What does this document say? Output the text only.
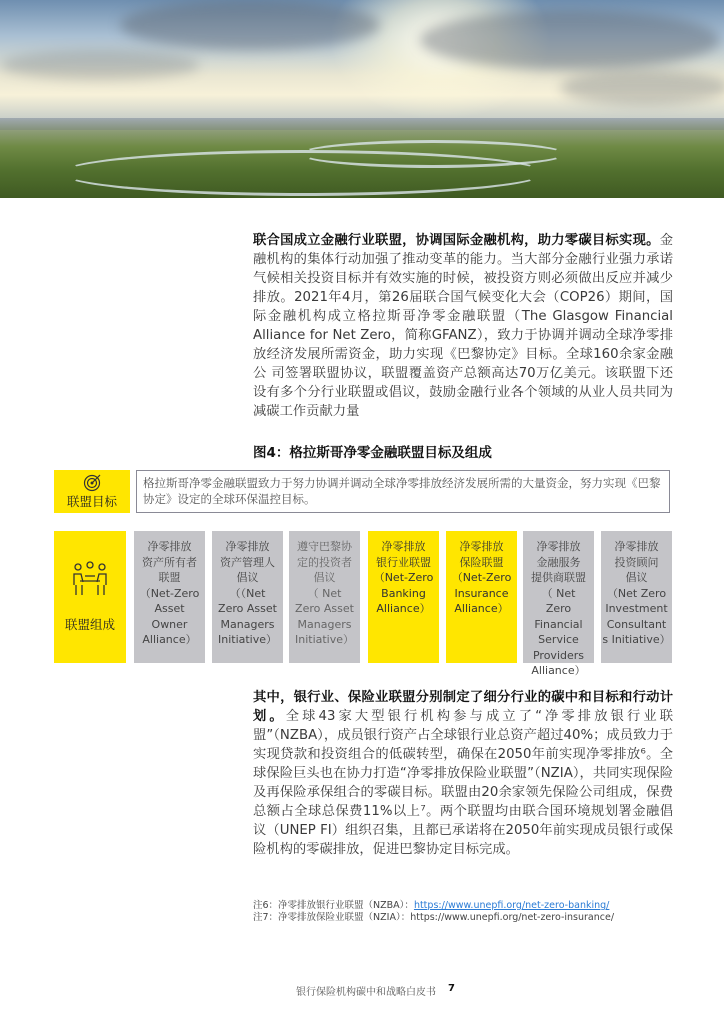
联合国成立金融行业联盟，协调国际金融机构，助力零碳目标实现。金融机构的集体行动加强了推动变革的能力。当大部分金融行业强力承诺气候相关投资目标并有效实施的时候，被投资方则必须做出反应并减少排放。2021年4月，第26届联合国气候变化大会（COP26）期间，国际金融机构成立格拉斯哥净零金融联盟（The Glasgow Financial Alliance for Net Zero，简称GFANZ），致力于协调并调动全球净零排放经济发展所需资金，助力实现《巴黎协定》目标。全球160余家金融公 司签署联盟协议，联盟覆盖资产总额高达70万亿美元。该联盟下还设有多个分行业联盟或倡议，鼓励金融行业各个领域的从业人员共同为减碳工作贡献力量
图4：格拉斯哥净零金融联盟目标及组成
联盟目标
格拉斯哥净零金融联盟致力于努力协调并调动全球净零排放经济发展所需的大量资金，努力实现《巴黎协定》设定的全球环保温控目标。
联盟组成
净零排放
资产所有者
联盟
（Net-Zero
Asset
Owner
Alliance）
净零排放
资产管理人
倡议
（（Net
Zero Asset
Managers
Initiative）
遵守巴黎协
定的投资者
倡议
（ Net
Zero Asset
Managers
Initiative）
净零排放
银行业联盟
（Net-Zero
Banking
Alliance）
净零排放
保险联盟
（Net-Zero
Insurance
Alliance）
净零排放
金融服务
提供商联盟
（ Net
Zero
Financial
Service
Providers
Alliance）
净零排放
投资顾问
倡议
（Net Zero
Investment
Consultant
s Initiative）
其中，银行业、保险业联盟分别制定了细分行业的碳中和目标和行动计划。全球43家大型银行机构参与成立了“净零排放银行业联盟”（NZBA），成员银行资产占全球银行业总资产超过40%；成员致力于实现贷款和投资组合的低碳转型，确保在2050年前实现净零排放⁶。全球保险巨头也在协力打造“净零排放保险业联盟”（NZIA），共同实现保险及再保险承保组合的零碳目标。联盟由20余家领先保险公司组成，保费总额占全球总保费11%以上⁷。两个联盟均由联合国环境规划署金融倡议（UNEP FI）组织召集，且都已承诺将在2050年前实现成员银行或保险机构的零碳排放，促进巴黎协定目标完成。
注6：净零排放银行业联盟（NZBA）：https://www.unepfi.org/net-zero-banking/
注7：净零排放保险业联盟（NZIA）：https://www.unepfi.org/net-zero-insurance/
银行保险机构碳中和战略白皮书 7
